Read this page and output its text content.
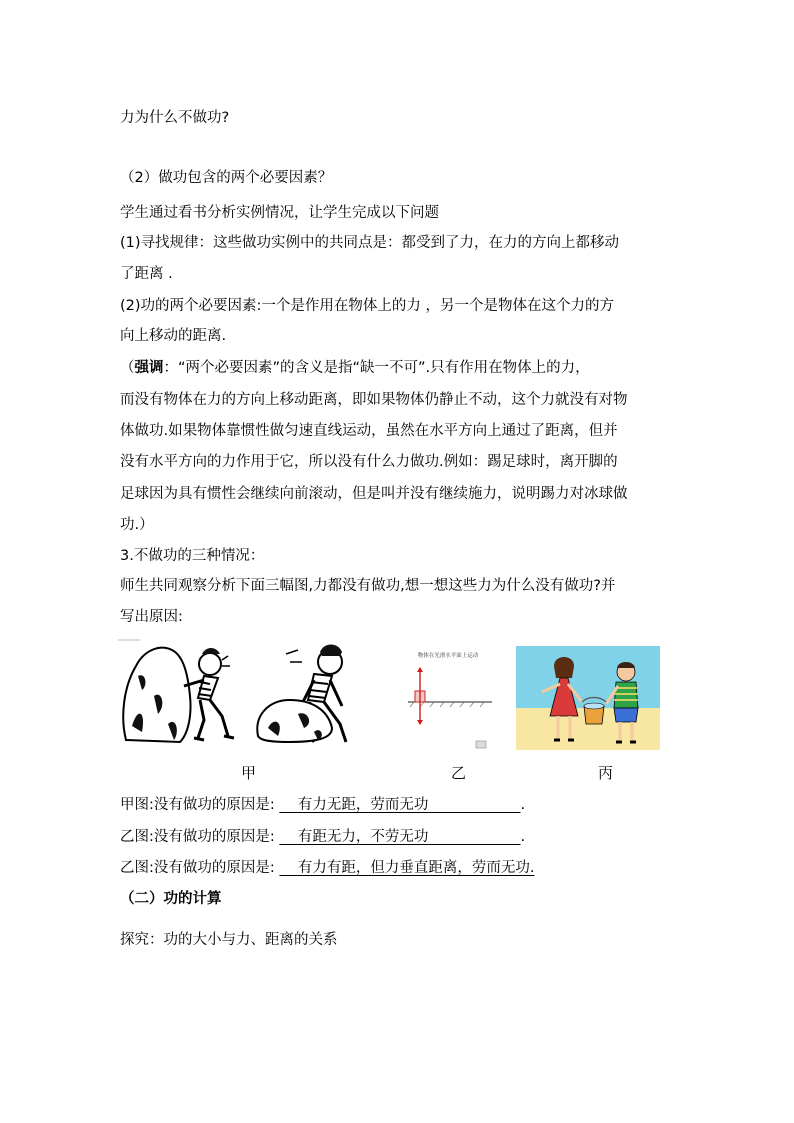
力为什么不做功?
（2）做功包含的两个必要因素？
学生通过看书分析实例情况，让学生完成以下问题
(1)寻找规律：这些做功实例中的共同点是：都受到了力，在力的方向上都移动
了距离 .
(2)功的两个必要因素:一个是作用在物体上的力 ，另一个是物体在这个力的方
向上移动的距离.
（强调：“两个必要因素”的含义是指“缺一不可”.只有作用在物体上的力，
而没有物体在力的方向上移动距离，即如果物体仍静止不动，这个力就没有对物
体做功.如果物体靠惯性做匀速直线运动，虽然在水平方向上通过了距离，但并
没有水平方向的力作用于它，所以没有什么力做功.例如：踢足球时，离开脚的
足球因为具有惯性会继续向前滚动，但是叫并没有继续施力，说明踢力对冰球做
功.）
3.不做功的三种情况：
师生共同观察分析下面三幅图,力都没有做功,想一想这些力为什么没有做功?并
写出原因:
物体在光滑水平面上运动
甲	乙	丙
甲图:没有做功的原因是: 有力无距，劳而无功	.
乙图:没有做功的原因是: 有距无力，不劳无功	.
乙图:没有做功的原因是: 有力有距，但力垂直距离，劳而无功.
（二）功的计算
探究：功的大小与力、距离的关系
